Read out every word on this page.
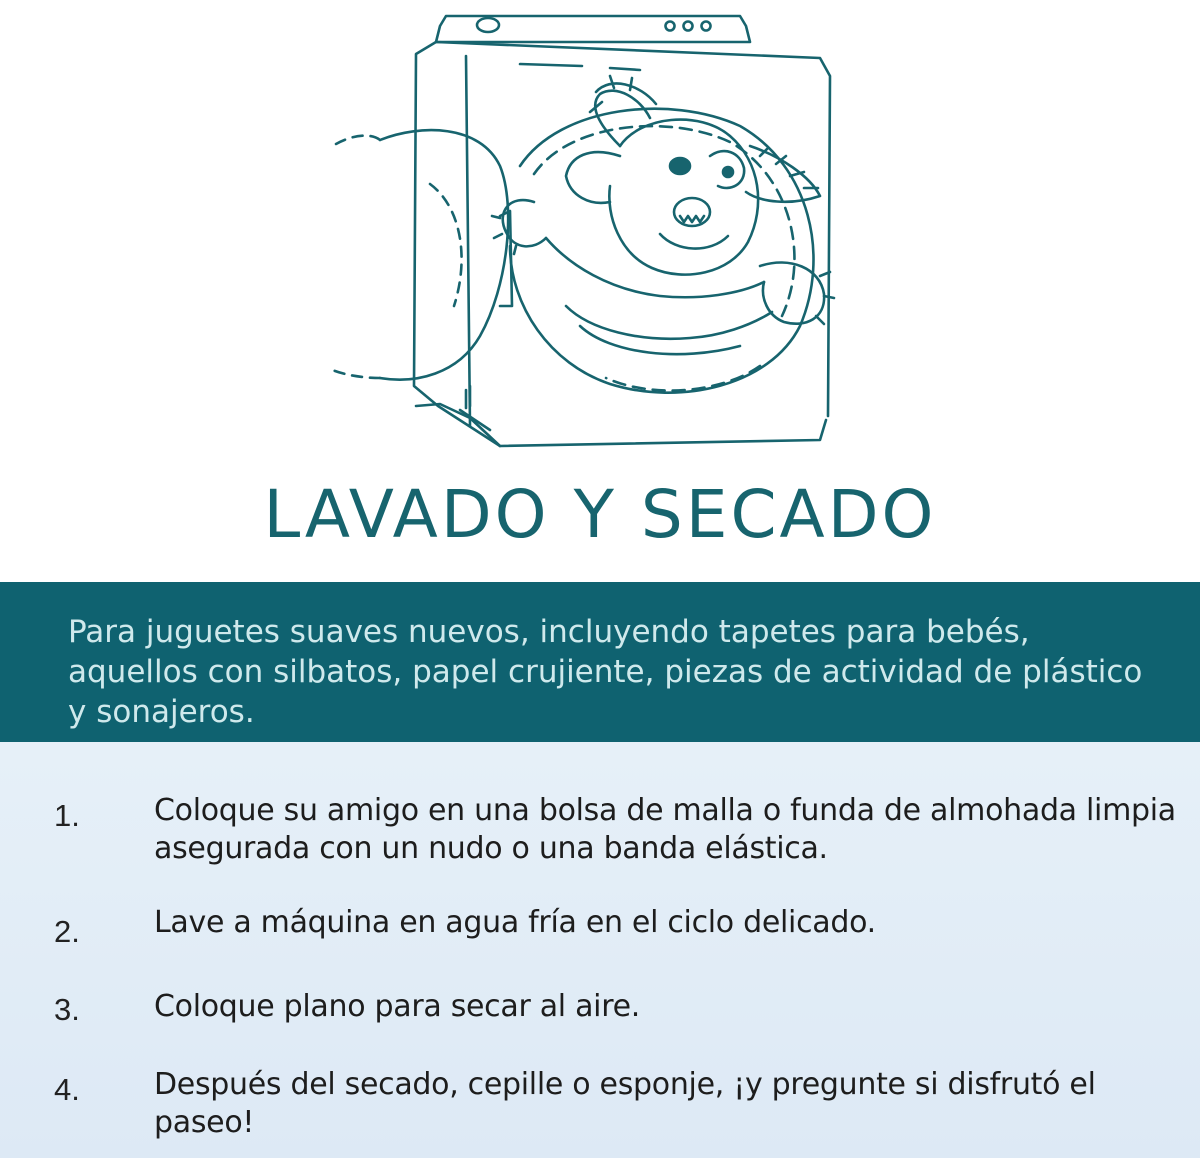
LAVADO Y SECADO
Para juguetes suaves nuevos, incluyendo tapetes para bebés, aquellos con silbatos, papel crujiente, piezas de actividad de plástico y sonajeros.
1. Coloque su amigo en una bolsa de malla o funda de almohada limpia asegurada con un nudo o una banda elástica.
2. Lave a máquina en agua fría en el ciclo delicado.
3. Coloque plano para secar al aire.
4. Después del secado, cepille o esponje, ¡y pregunte si disfrutó el paseo!
